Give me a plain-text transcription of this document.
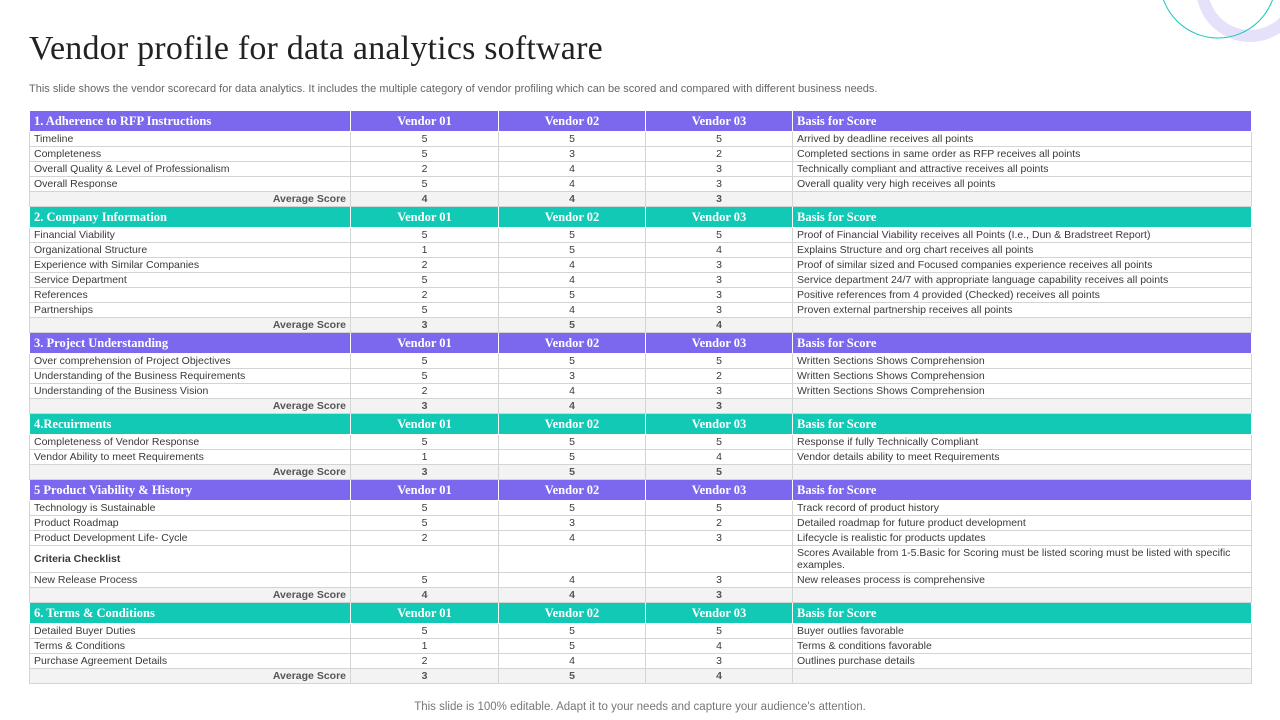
Vendor profile for data analytics software

This slide shows the vendor scorecard for data analytics. It includes the multiple category of vendor profiling which can be scored and compared with different business needs.

1. Adherence to RFP Instructions	Vendor 01	Vendor 02	Vendor 03	Basis for Score
Timeline	5	5	5	Arrived by deadline receives all points
Completeness	5	3	2	Completed sections in same order as RFP receives all points
Overall Quality & Level of Professionalism	2	4	3	Technically compliant and attractive receives all points
Overall Response	5	4	3	Overall quality very high receives all points
Average Score	4	4	3	
2. Company Information	Vendor 01	Vendor 02	Vendor 03	Basis for Score
Financial Viability	5	5	5	Proof of Financial Viability receives all Points (I.e., Dun & Bradstreet Report)
Organizational Structure	1	5	4	Explains Structure and org chart receives all points
Experience with Similar Companies	2	4	3	Proof of similar sized and Focused companies experience receives all points
Service Department	5	4	3	Service department 24/7 with appropriate language capability receives all points
References	2	5	3	Positive references from 4 provided (Checked) receives all points
Partnerships	5	4	3	Proven external partnership receives all points
Average Score	3	5	4	
3. Project Understanding	Vendor 01	Vendor 02	Vendor 03	Basis for Score
Over comprehension of Project Objectives	5	5	5	Written Sections Shows Comprehension
Understanding of the Business Requirements	5	3	2	Written Sections Shows Comprehension
Understanding of the Business Vision	2	4	3	Written Sections Shows Comprehension
Average Score	3	4	3	
4.Recuirments	Vendor 01	Vendor 02	Vendor 03	Basis for Score
Completeness of Vendor Response	5	5	5	Response if fully Technically Compliant
Vendor Ability to meet Requirements	1	5	4	Vendor details ability to meet Requirements
Average Score	3	5	5	
5 Product Viability & History	Vendor 01	Vendor 02	Vendor 03	Basis for Score
Technology is Sustainable	5	5	5	Track record of product history
Product Roadmap	5	3	2	Detailed roadmap for future product development
Product Development Life- Cycle	2	4	3	Lifecycle is realistic for products updates
Criteria Checklist				Scores Available from 1-5.Basic for Scoring must be listed scoring must be listed with specific examples.
New Release Process	5	4	3	New releases process is comprehensive
Average Score	4	4	3	
6. Terms & Conditions	Vendor 01	Vendor 02	Vendor 03	Basis for Score
Detailed Buyer Duties	5	5	5	Buyer outlies favorable
Terms & Conditions	1	5	4	Terms & conditions favorable
Purchase Agreement Details	2	4	3	Outlines purchase details
Average Score	3	5	4	

This slide is 100% editable. Adapt it to your needs and capture your audience's attention.
